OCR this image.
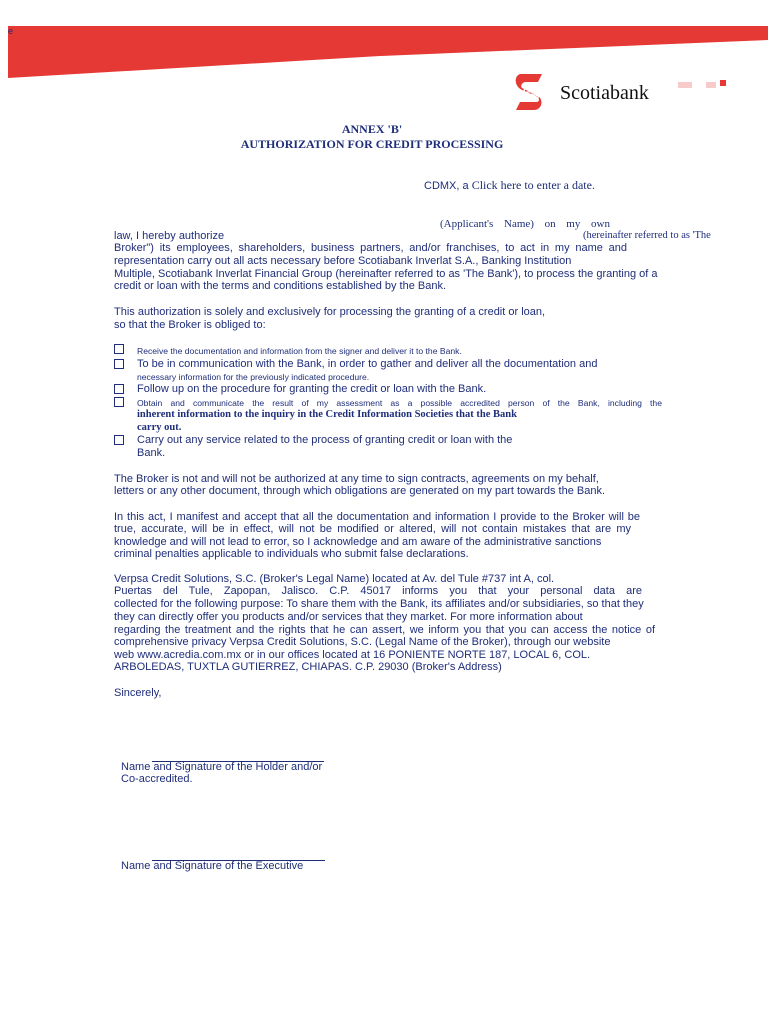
e
Scotiabank
ANNEX 'B'
AUTHORIZATION FOR CREDIT PROCESSING
CDMX, a Click here to enter a date.
(Applicant's Name) on my own
law, I hereby authorize	(hereinafter referred to as 'The
Broker") its employees, shareholders, business partners, and/or franchises, to act in my name and
representation carry out all acts necessary before Scotiabank Inverlat S.A., Banking Institution
Multiple, Scotiabank Inverlat Financial Group (hereinafter referred to as 'The Bank'), to process the granting of a
credit or loan with the terms and conditions established by the Bank.
This authorization is solely and exclusively for processing the granting of a credit or loan,
so that the Broker is obliged to:
Receive the documentation and information from the signer and deliver it to the Bank.
To be in communication with the Bank, in order to gather and deliver all the documentation and
necessary information for the previously indicated procedure.
Follow up on the procedure for granting the credit or loan with the Bank.
Obtain and communicate the result of my assessment as a possible accredited person of the Bank, including the
inherent information to the inquiry in the Credit Information Societies that the Bank
carry out.
Carry out any service related to the process of granting credit or loan with the
Bank.
The Broker is not and will not be authorized at any time to sign contracts, agreements on my behalf,
letters or any other document, through which obligations are generated on my part towards the Bank.
In this act, I manifest and accept that all the documentation and information I provide to the Broker will be
true, accurate, will be in effect, will not be modified or altered, will not contain mistakes that are my
knowledge and will not lead to error, so I acknowledge and am aware of the administrative sanctions
criminal penalties applicable to individuals who submit false declarations.
Verpsa Credit Solutions, S.C. (Broker's Legal Name) located at Av. del Tule #737 int A, col.
Puertas del Tule, Zapopan, Jalisco. C.P. 45017 informs you that your personal data are
collected for the following purpose: To share them with the Bank, its affiliates and/or subsidiaries, so that they
they can directly offer you products and/or services that they market. For more information about
regarding the treatment and the rights that he can assert, we inform you that you can access the notice of
comprehensive privacy Verpsa Credit Solutions, S.C. (Legal Name of the Broker), through our website
web www.acredia.com.mx or in our offices located at 16 PONIENTE NORTE 187, LOCAL 6, COL.
ARBOLEDAS, TUXTLA GUTIERREZ, CHIAPAS. C.P. 29030 (Broker's Address)
Sincerely,
Name and Signature of the Holder and/or
Co-accredited.
Name and Signature of the Executive
